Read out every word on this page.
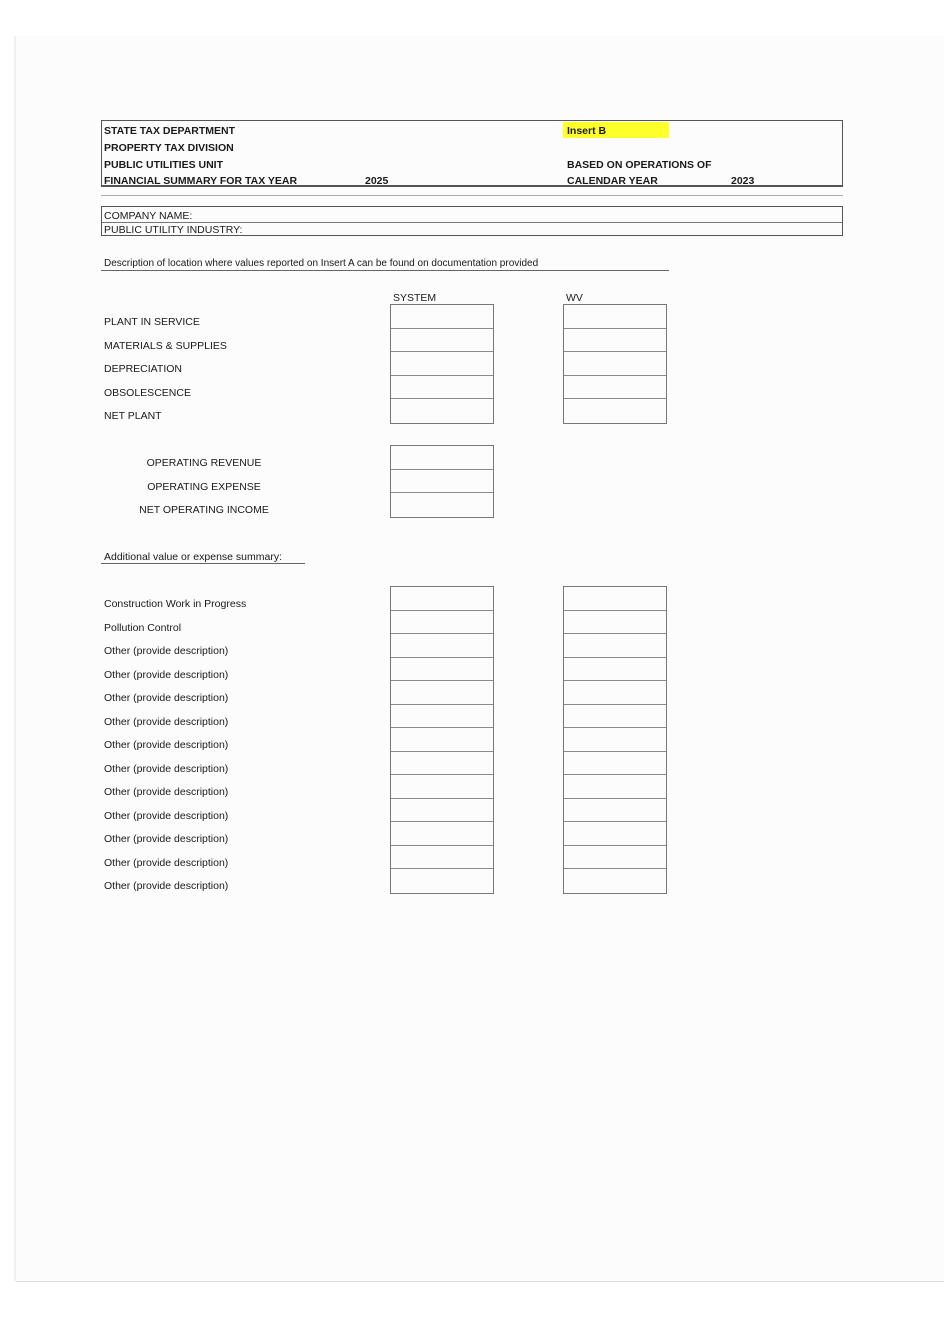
STATE TAX DEPARTMENT
PROPERTY TAX DIVISION
PUBLIC UTILITIES UNIT
FINANCIAL SUMMARY FOR TAX YEAR	2025
Insert B
BASED ON OPERATIONS OF
CALENDAR YEAR	2023
COMPANY NAME:
PUBLIC UTILITY INDUSTRY:
Description of location where values reported on Insert A can be found on documentation provided
SYSTEM	WV
PLANT IN SERVICE
MATERIALS & SUPPLIES
DEPRECIATION
OBSOLESCENCE
NET PLANT
OPERATING REVENUE
OPERATING EXPENSE
NET OPERATING INCOME
Additional value or expense summary:
Construction Work in Progress
Pollution Control
Other (provide description)
Other (provide description)
Other (provide description)
Other (provide description)
Other (provide description)
Other (provide description)
Other (provide description)
Other (provide description)
Other (provide description)
Other (provide description)
Other (provide description)
